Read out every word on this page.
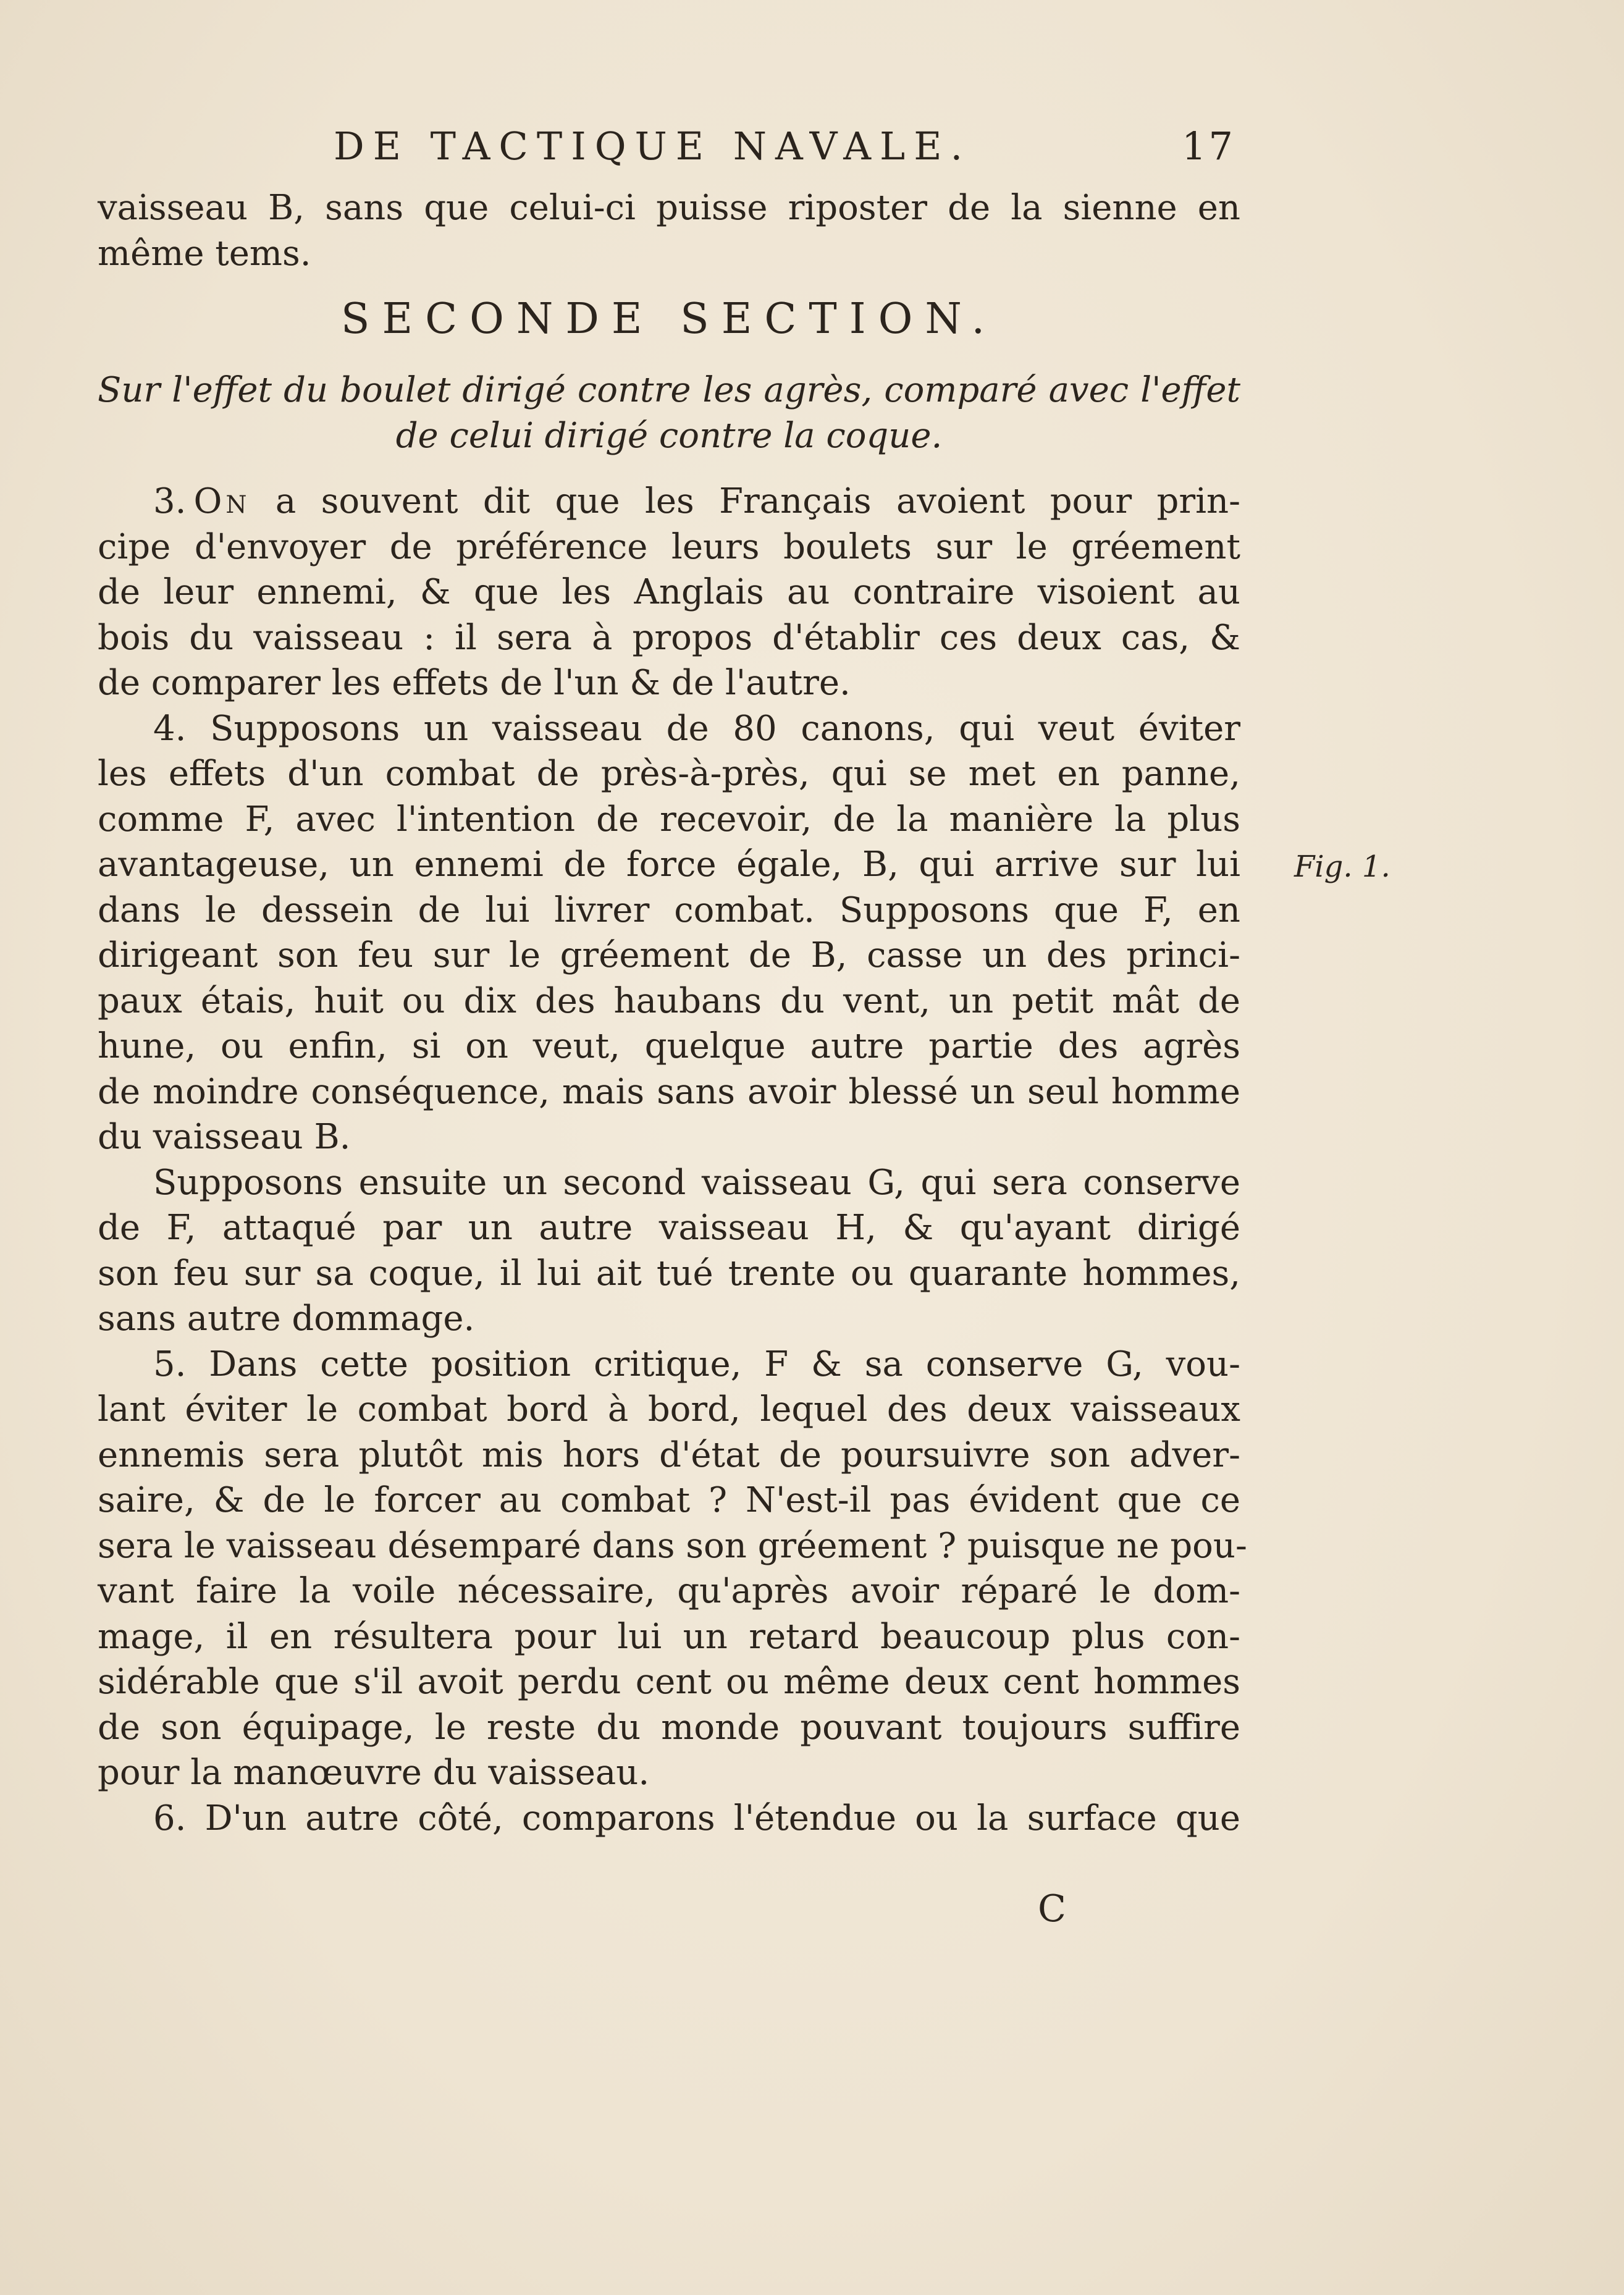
DE TACTIQUE NAVALE.	17
vaisseau B, sans que celui-ci puisse riposter de la sienne en
même tems.
SECONDE SECTION.
Sur l'effet du boulet dirigé contre les agrès, comparé avec l'effet
de celui dirigé contre la coque.
3. On a souvent dit que les Français avoient pour prin-
cipe d'envoyer de préférence leurs boulets sur le gréement
de leur ennemi, & que les Anglais au contraire visoient au
bois du vaisseau : il sera à propos d'établir ces deux cas, &
de comparer les effets de l'un & de l'autre.
4. Supposons un vaisseau de 80 canons, qui veut éviter
les effets d'un combat de près-à-près, qui se met en panne,
comme F, avec l'intention de recevoir, de la manière la plus
avantageuse, un ennemi de force égale, B, qui arrive sur lui
dans le dessein de lui livrer combat. Supposons que F, en
dirigeant son feu sur le gréement de B, casse un des princi-
paux étais, huit ou dix des haubans du vent, un petit mât de
hune, ou enfin, si on veut, quelque autre partie des agrès
de moindre conséquence, mais sans avoir blessé un seul homme
du vaisseau B.
Supposons ensuite un second vaisseau G, qui sera conserve
de F, attaqué par un autre vaisseau H, & qu'ayant dirigé
son feu sur sa coque, il lui ait tué trente ou quarante hommes,
sans autre dommage.
5. Dans cette position critique, F & sa conserve G, vou-
lant éviter le combat bord à bord, lequel des deux vaisseaux
ennemis sera plutôt mis hors d'état de poursuivre son adver-
saire, & de le forcer au combat ? N'est-il pas évident que ce
sera le vaisseau désemparé dans son gréement ? puisque ne pou-
vant faire la voile nécessaire, qu'après avoir réparé le dom-
mage, il en résultera pour lui un retard beaucoup plus con-
sidérable que s'il avoit perdu cent ou même deux cent hommes
de son équipage, le reste du monde pouvant toujours suffire
pour la manœuvre du vaisseau.
6. D'un autre côté, comparons l'étendue ou la surface que
Fig. 1.
C
